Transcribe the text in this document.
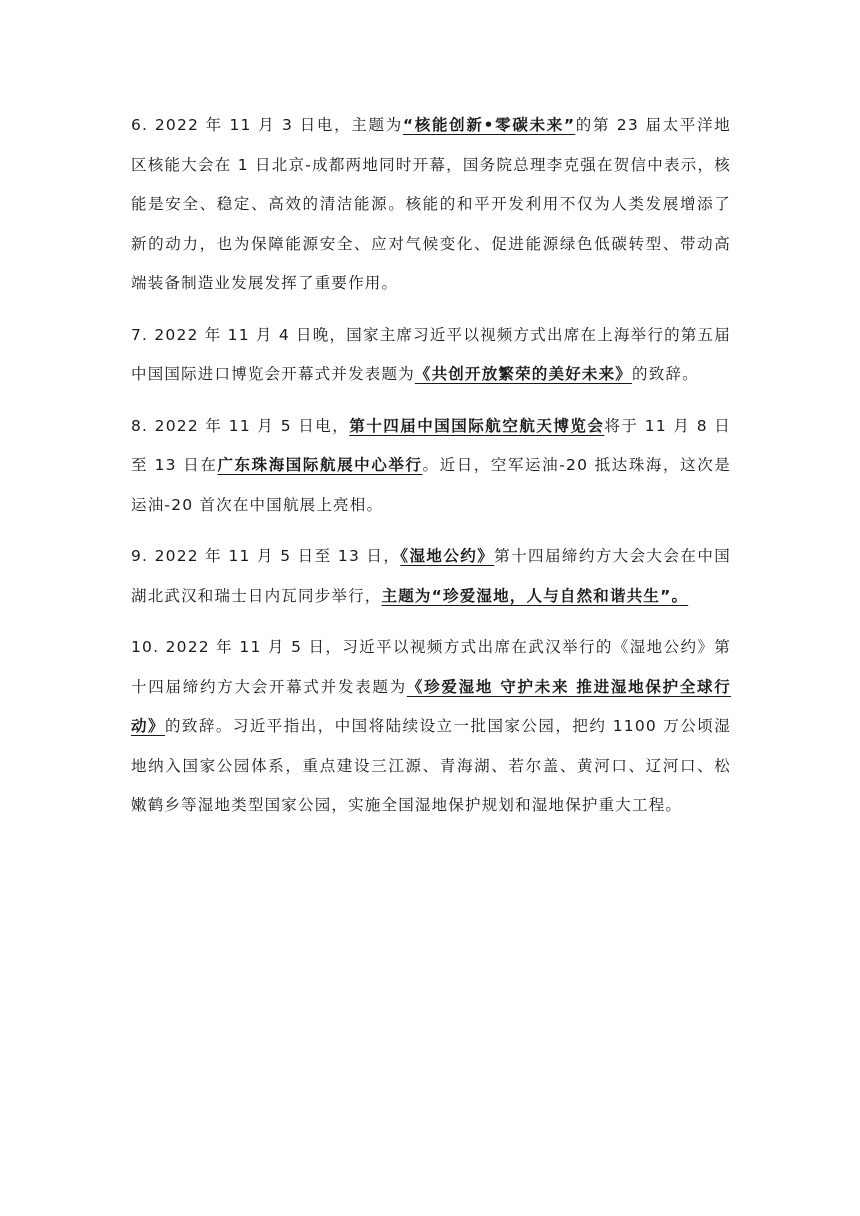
6. 2022 年 11 月 3 日电，主题为“核能创新•零碳未来”的第 23 届太平洋地区核能大会在 1 日北京-成都两地同时开幕，国务院总理李克强在贺信中表示，核能是安全、稳定、高效的清洁能源。核能的和平开发利用不仅为人类发展增添了新的动力，也为保障能源安全、应对气候变化、促进能源绿色低碳转型、带动高端装备制造业发展发挥了重要作用。

7. 2022 年 11 月 4 日晚，国家主席习近平以视频方式出席在上海举行的第五届中国国际进口博览会开幕式并发表题为《共创开放繁荣的美好未来》的致辞。

8. 2022 年 11 月 5 日电，第十四届中国国际航空航天博览会将于 11 月 8 日至 13 日在广东珠海国际航展中心举行。近日，空军运油-20 抵达珠海，这次是运油-20 首次在中国航展上亮相。

9. 2022 年 11 月 5 日至 13 日，《湿地公约》第十四届缔约方大会大会在中国湖北武汉和瑞士日内瓦同步举行，主题为“珍爱湿地，人与自然和谐共生”。

10. 2022 年 11 月 5 日，习近平以视频方式出席在武汉举行的《湿地公约》第十四届缔约方大会开幕式并发表题为《珍爱湿地 守护未来 推进湿地保护全球行动》的致辞。习近平指出，中国将陆续设立一批国家公园，把约 1100 万公顷湿地纳入国家公园体系，重点建设三江源、青海湖、若尔盖、黄河口、辽河口、松嫩鹤乡等湿地类型国家公园，实施全国湿地保护规划和湿地保护重大工程。
